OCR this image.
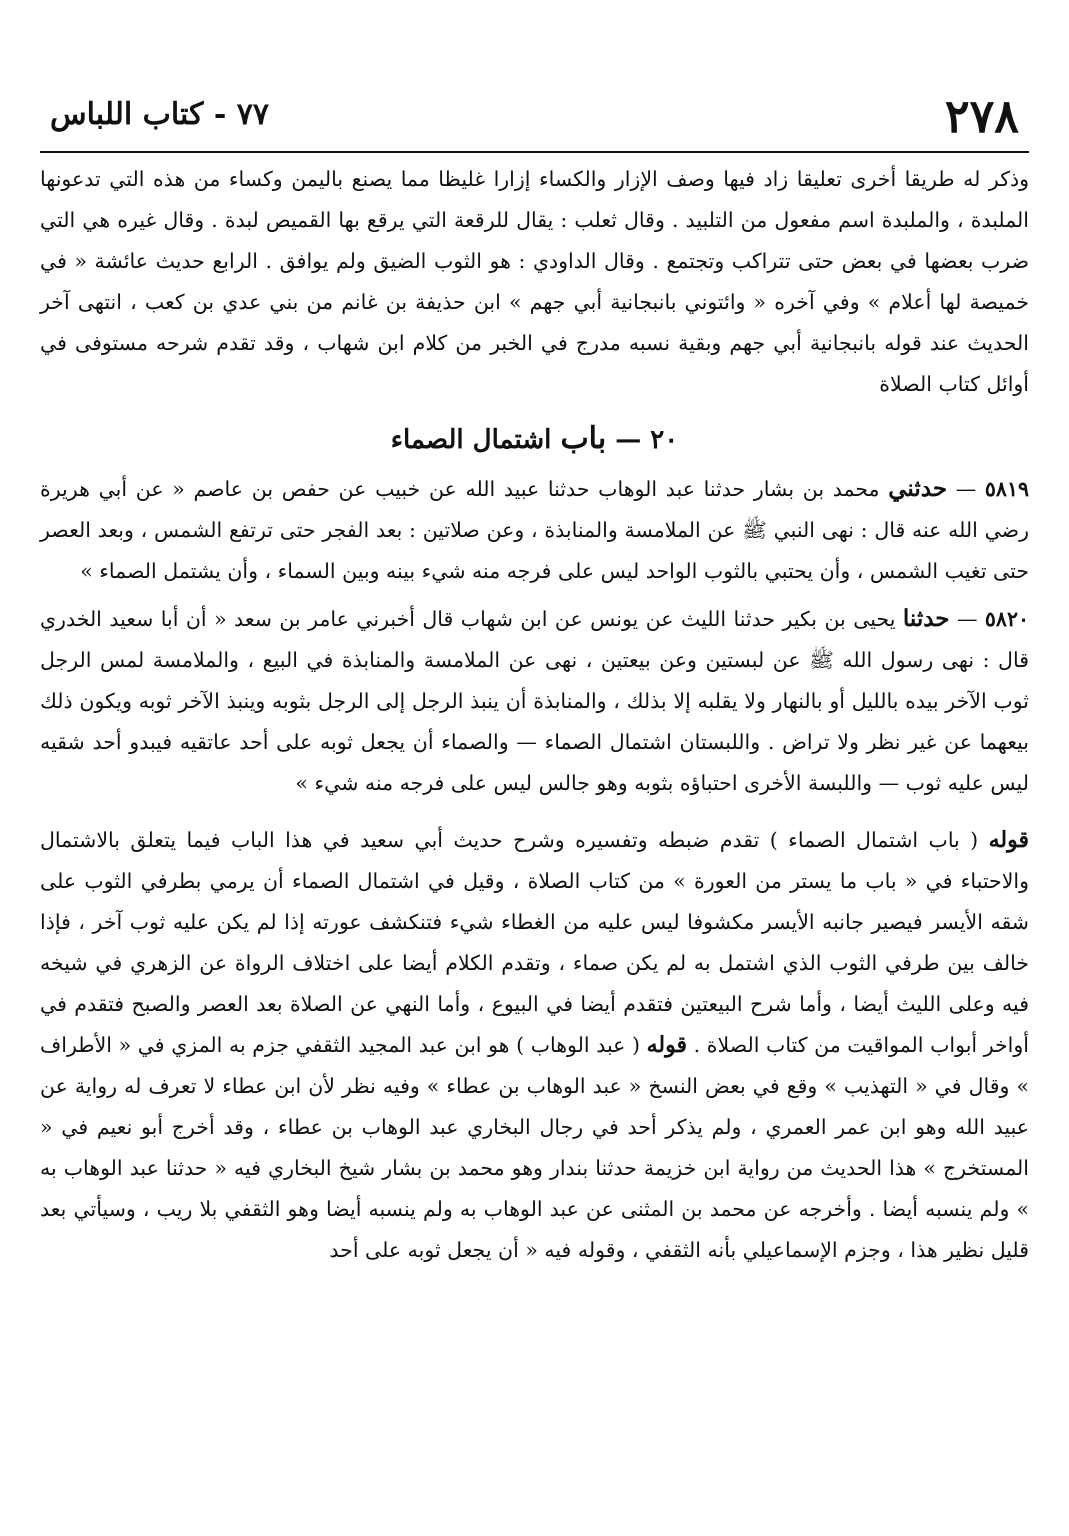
٢٧٨
٧٧ - كتاب اللباس

وذكر له طريقا أخرى تعليقا زاد فيها وصف الإزار والكساء إزارا غليظا مما يصنع باليمن وكساء من هذه التي تدعونها الملبدة ، والملبدة اسم مفعول من التلبيد . وقال ثعلب : يقال للرقعة التي يرقع بها القميص لبدة . وقال غيره هي التي ضرب بعضها في بعض حتى تتراكب وتجتمع . وقال الداودي : هو الثوب الضيق ولم يوافق . الرابع حديث عائشة « في خميصة لها أعلام » وفي آخره « وائتوني بانبجانية أبي جهم » ابن حذيفة بن غانم من بني عدي بن كعب ، انتهى آخر الحديث عند قوله بانبجانية أبي جهم وبقية نسبه مدرج في الخبر من كلام ابن شهاب ، وقد تقدم شرحه مستوفى في أوائل كتاب الصلاة

٢٠ — باب اشتمال الصماء

٥٨١٩ — حدثني محمد بن بشار حدثنا عبد الوهاب حدثنا عبيد الله عن خبيب عن حفص بن عاصم « عن أبي هريرة رضي الله عنه قال : نهى النبي ﷺ عن الملامسة والمنابذة ، وعن صلاتين : بعد الفجر حتى ترتفع الشمس ، وبعد العصر حتى تغيب الشمس ، وأن يحتبي بالثوب الواحد ليس على فرجه منه شيء بينه وبين السماء ، وأن يشتمل الصماء »

٥٨٢٠ — حدثنا يحيى بن بكير حدثنا الليث عن يونس عن ابن شهاب قال أخبرني عامر بن سعد « أن أبا سعيد الخدري قال : نهى رسول الله ﷺ عن لبستين وعن بيعتين ، نهى عن الملامسة والمنابذة في البيع ، والملامسة لمس الرجل ثوب الآخر بيده بالليل أو بالنهار ولا يقلبه إلا بذلك ، والمنابذة أن ينبذ الرجل إلى الرجل بثوبه وينبذ الآخر ثوبه ويكون ذلك بيعهما عن غير نظر ولا تراض . واللبستان اشتمال الصماء — والصماء أن يجعل ثوبه على أحد عاتقيه فيبدو أحد شقيه ليس عليه ثوب — واللبسة الأخرى احتباؤه بثوبه وهو جالس ليس على فرجه منه شيء »

قوله ( باب اشتمال الصماء ) تقدم ضبطه وتفسيره وشرح حديث أبي سعيد في هذا الباب فيما يتعلق بالاشتمال والاحتباء في « باب ما يستر من العورة » من كتاب الصلاة ، وقيل في اشتمال الصماء أن يرمي بطرفي الثوب على شقه الأيسر فيصير جانبه الأيسر مكشوفا ليس عليه من الغطاء شيء فتنكشف عورته إذا لم يكن عليه ثوب آخر ، فإذا خالف بين طرفي الثوب الذي اشتمل به لم يكن صماء ، وتقدم الكلام أيضا على اختلاف الرواة عن الزهري في شيخه فيه وعلى الليث أيضا ، وأما شرح البيعتين فتقدم أيضا في البيوع ، وأما النهي عن الصلاة بعد العصر والصبح فتقدم في أواخر أبواب المواقيت من كتاب الصلاة . قوله ( عبد الوهاب ) هو ابن عبد المجيد الثقفي جزم به المزي في « الأطراف » وقال في « التهذيب » وقع في بعض النسخ « عبد الوهاب بن عطاء » وفيه نظر لأن ابن عطاء لا تعرف له رواية عن عبيد الله وهو ابن عمر العمري ، ولم يذكر أحد في رجال البخاري عبد الوهاب بن عطاء ، وقد أخرج أبو نعيم في « المستخرج » هذا الحديث من رواية ابن خزيمة حدثنا بندار وهو محمد بن بشار شيخ البخاري فيه « حدثنا عبد الوهاب به » ولم ينسبه أيضا . وأخرجه عن محمد بن المثنى عن عبد الوهاب به ولم ينسبه أيضا وهو الثقفي بلا ريب ، وسيأتي بعد قليل نظير هذا ، وجزم الإسماعيلي بأنه الثقفي ، وقوله فيه « أن يجعل ثوبه على أحد
